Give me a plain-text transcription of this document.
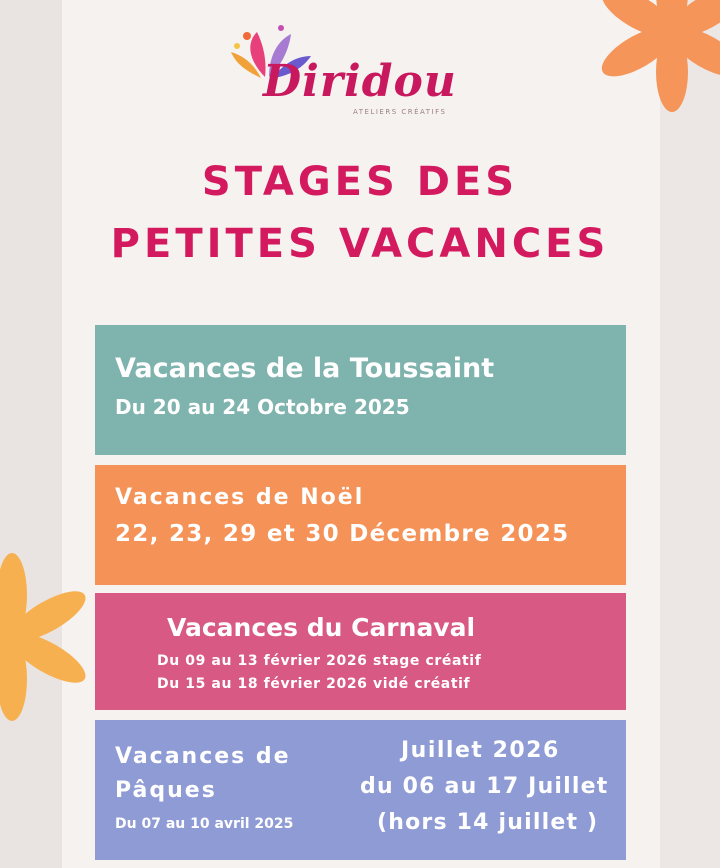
Diridou
ATELIERS CRÉATIFS
STAGES DES
PETITES VACANCES
Vacances de la Toussaint
Du 20 au 24 Octobre 2025
Vacances de Noël
22, 23, 29 et 30 Décembre 2025
Vacances du Carnaval
Du 09 au 13 février 2026 stage créatif
Du 15 au 18 février 2026 vidé créatif
Vacances de
Pâques
Du 07 au 10 avril 2025
Juillet 2026
du 06 au 17 Juillet
(hors 14 juillet )
